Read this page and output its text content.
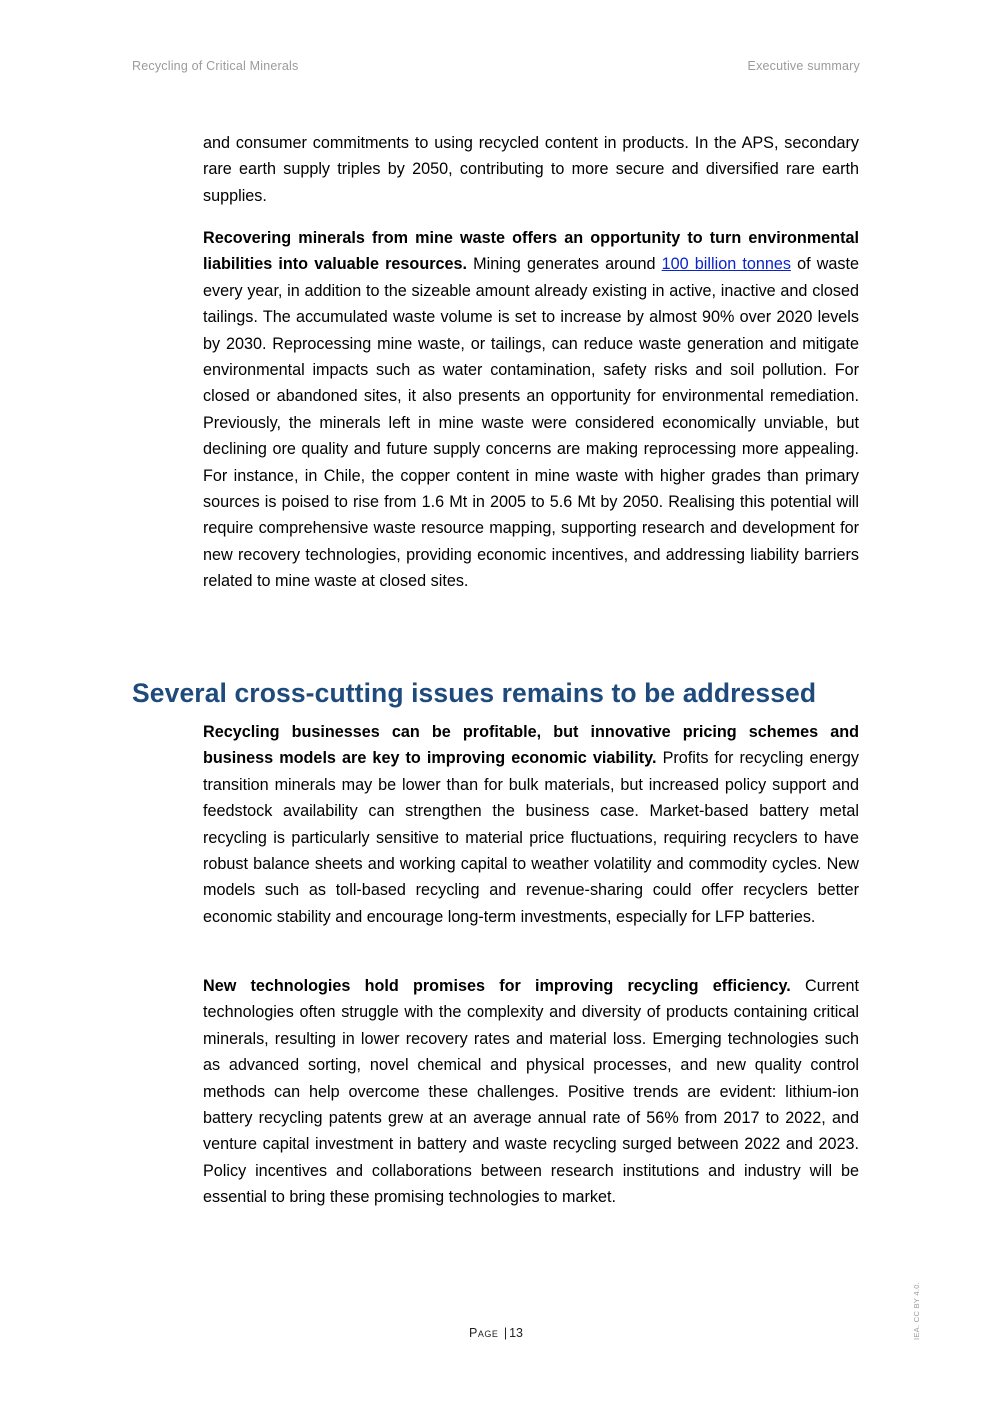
Recycling of Critical Minerals	Executive summary

and consumer commitments to using recycled content in products. In the APS, secondary rare earth supply triples by 2050, contributing to more secure and diversified rare earth supplies.

Recovering minerals from mine waste offers an opportunity to turn environmental liabilities into valuable resources. Mining generates around 100 billion tonnes of waste every year, in addition to the sizeable amount already existing in active, inactive and closed tailings. The accumulated waste volume is set to increase by almost 90% over 2020 levels by 2030. Reprocessing mine waste, or tailings, can reduce waste generation and mitigate environmental impacts such as water contamination, safety risks and soil pollution. For closed or abandoned sites, it also presents an opportunity for environmental remediation. Previously, the minerals left in mine waste were considered economically unviable, but declining ore quality and future supply concerns are making reprocessing more appealing. For instance, in Chile, the copper content in mine waste with higher grades than primary sources is poised to rise from 1.6 Mt in 2005 to 5.6 Mt by 2050. Realising this potential will require comprehensive waste resource mapping, supporting research and development for new recovery technologies, providing economic incentives, and addressing liability barriers related to mine waste at closed sites.

Several cross-cutting issues remains to be addressed

Recycling businesses can be profitable, but innovative pricing schemes and business models are key to improving economic viability. Profits for recycling energy transition minerals may be lower than for bulk materials, but increased policy support and feedstock availability can strengthen the business case. Market-based battery metal recycling is particularly sensitive to material price fluctuations, requiring recyclers to have robust balance sheets and working capital to weather volatility and commodity cycles. New models such as toll-based recycling and revenue-sharing could offer recyclers better economic stability and encourage long-term investments, especially for LFP batteries.

New technologies hold promises for improving recycling efficiency. Current technologies often struggle with the complexity and diversity of products containing critical minerals, resulting in lower recovery rates and material loss. Emerging technologies such as advanced sorting, novel chemical and physical processes, and new quality control methods can help overcome these challenges. Positive trends are evident: lithium-ion battery recycling patents grew at an average annual rate of 56% from 2017 to 2022, and venture capital investment in battery and waste recycling surged between 2022 and 2023. Policy incentives and collaborations between research institutions and industry will be essential to bring these promising technologies to market.

Page | 13	IEA. CC BY 4.0.
